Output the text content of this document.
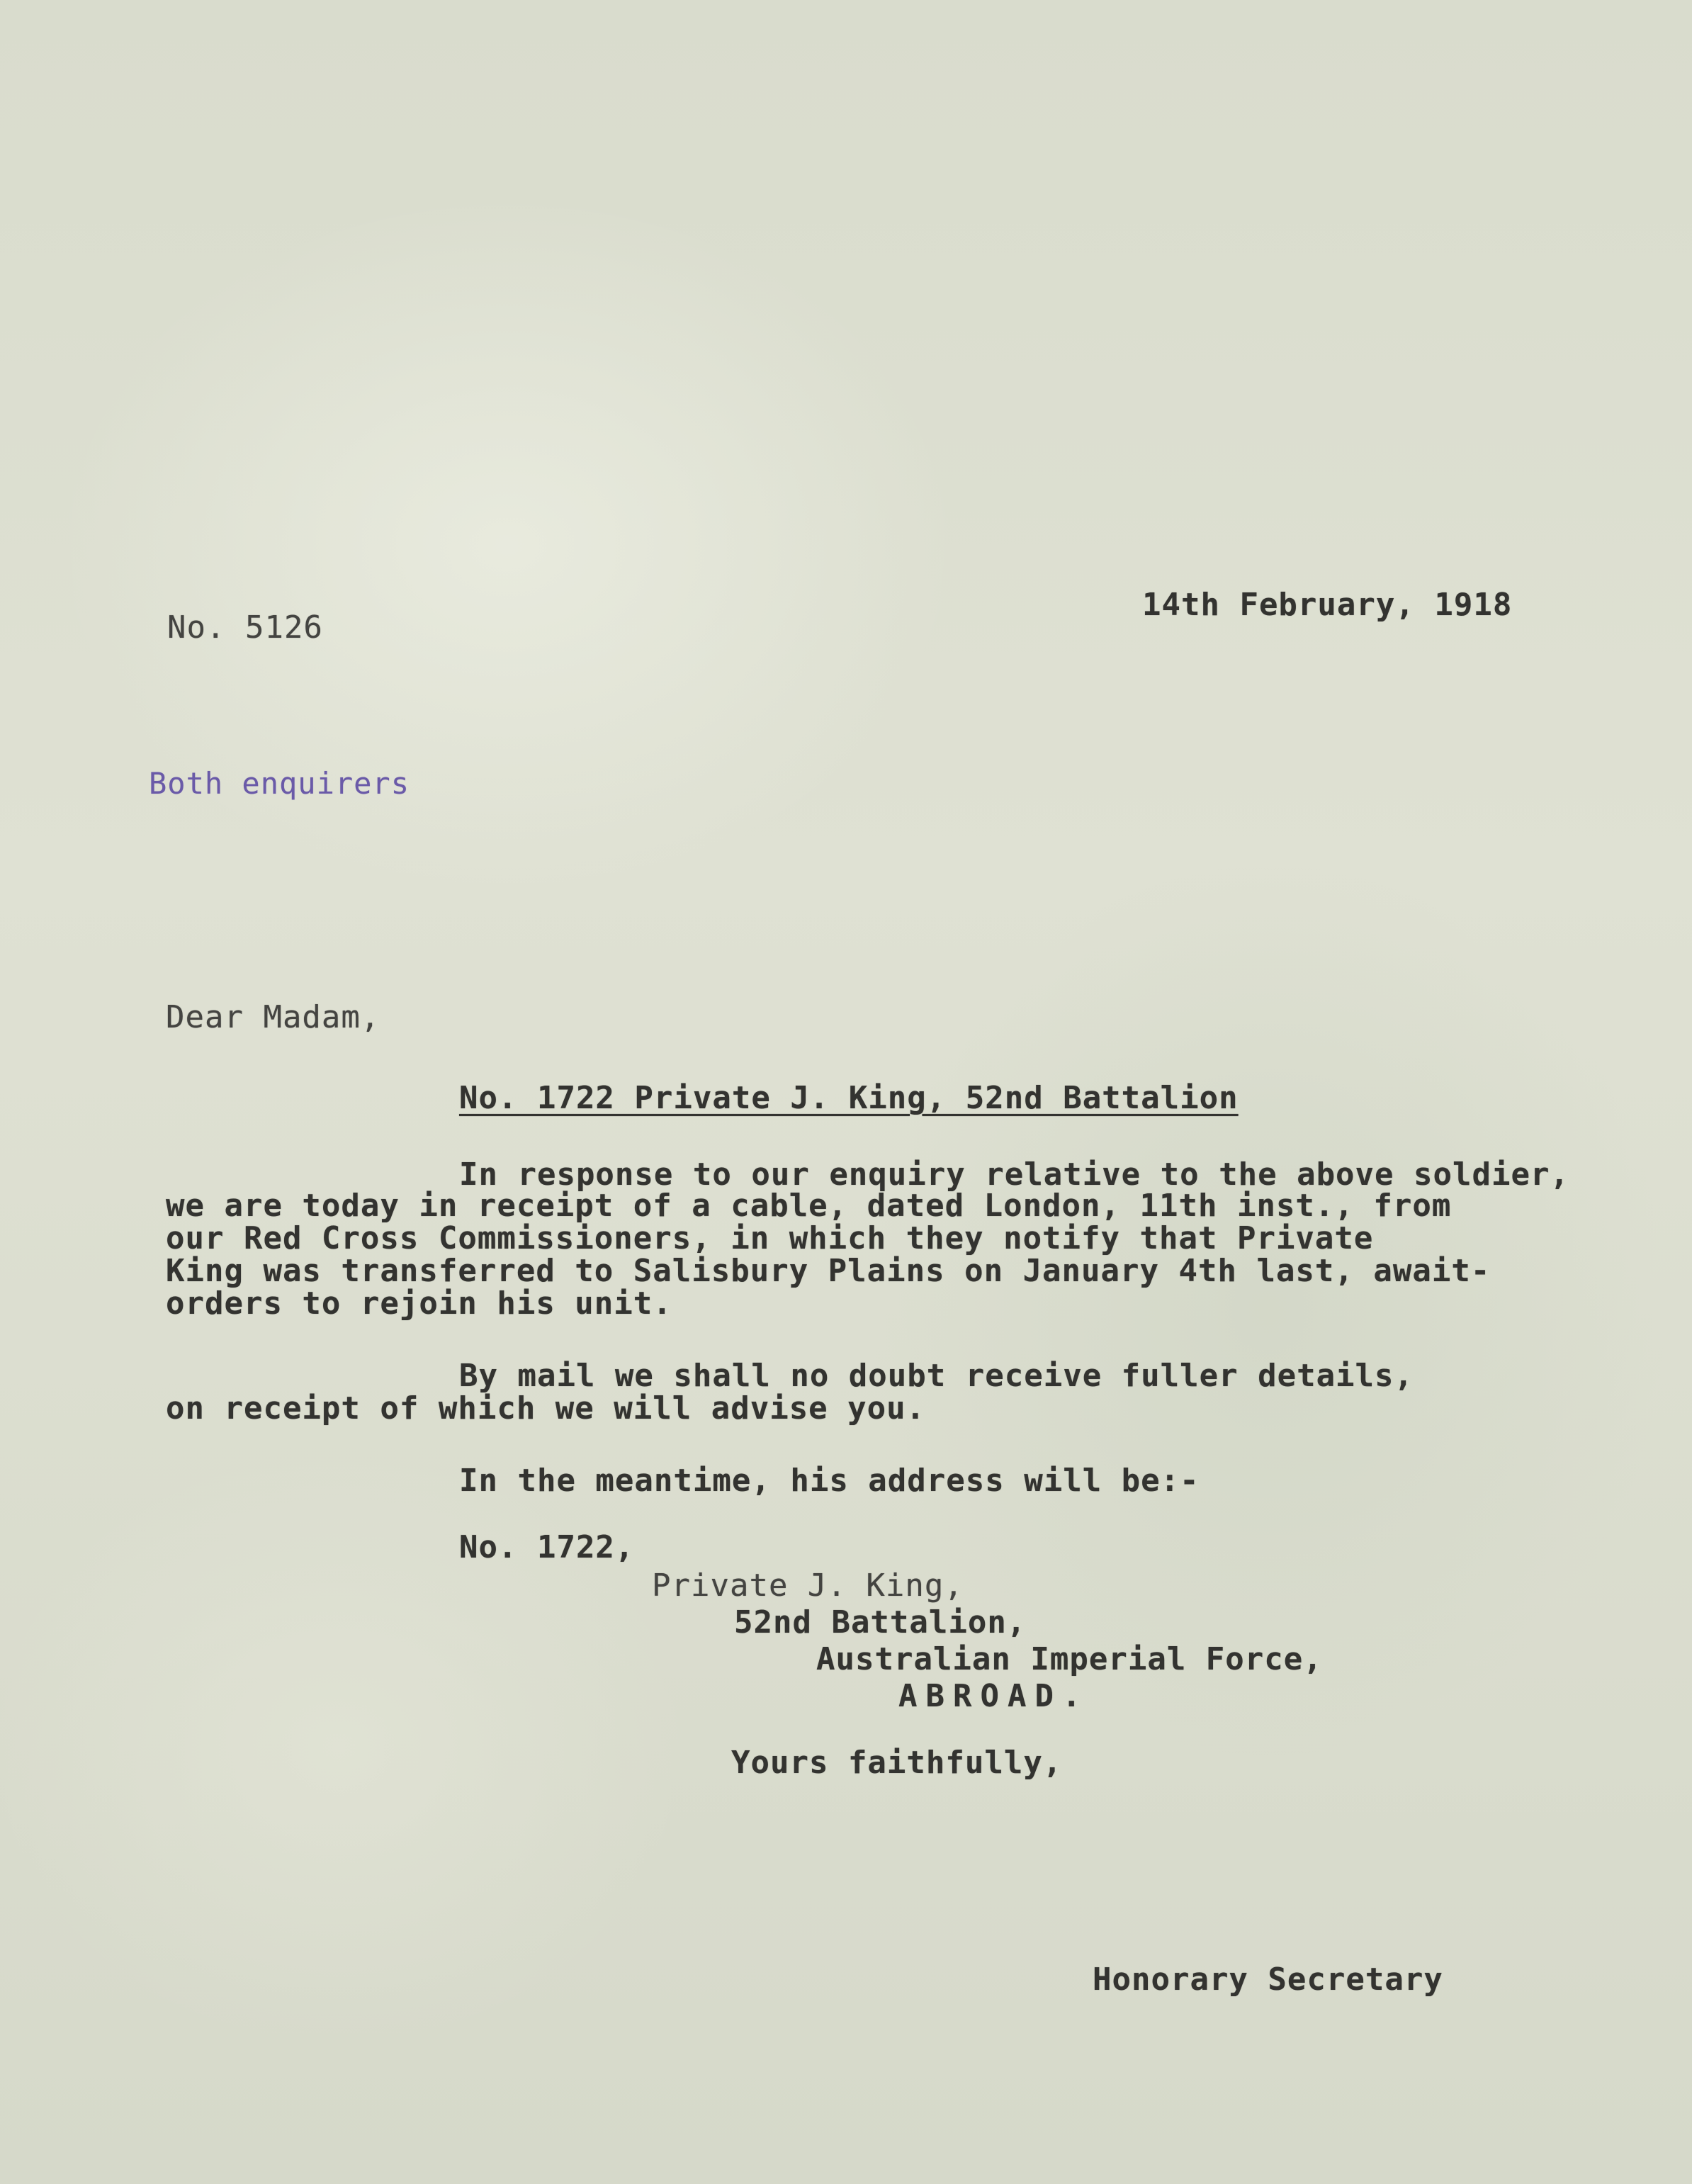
No. 5126
14th February, 1918
Both enquirers
Dear Madam,
No. 1722 Private J. King, 52nd Battalion
In response to our enquiry relative to the above soldier,
we are today in receipt of a cable, dated London, 11th inst., from
our Red Cross Commissioners, in which they notify that Private
King was transferred to Salisbury Plains on January 4th last, await-
orders to rejoin his unit.
By mail we shall no doubt receive fuller details,
on receipt of which we will advise you.
In the meantime, his address will be:-
No. 1722,
Private J. King,
52nd Battalion,
Australian Imperial Force,
ABROAD.
Yours faithfully,
Honorary Secretary
